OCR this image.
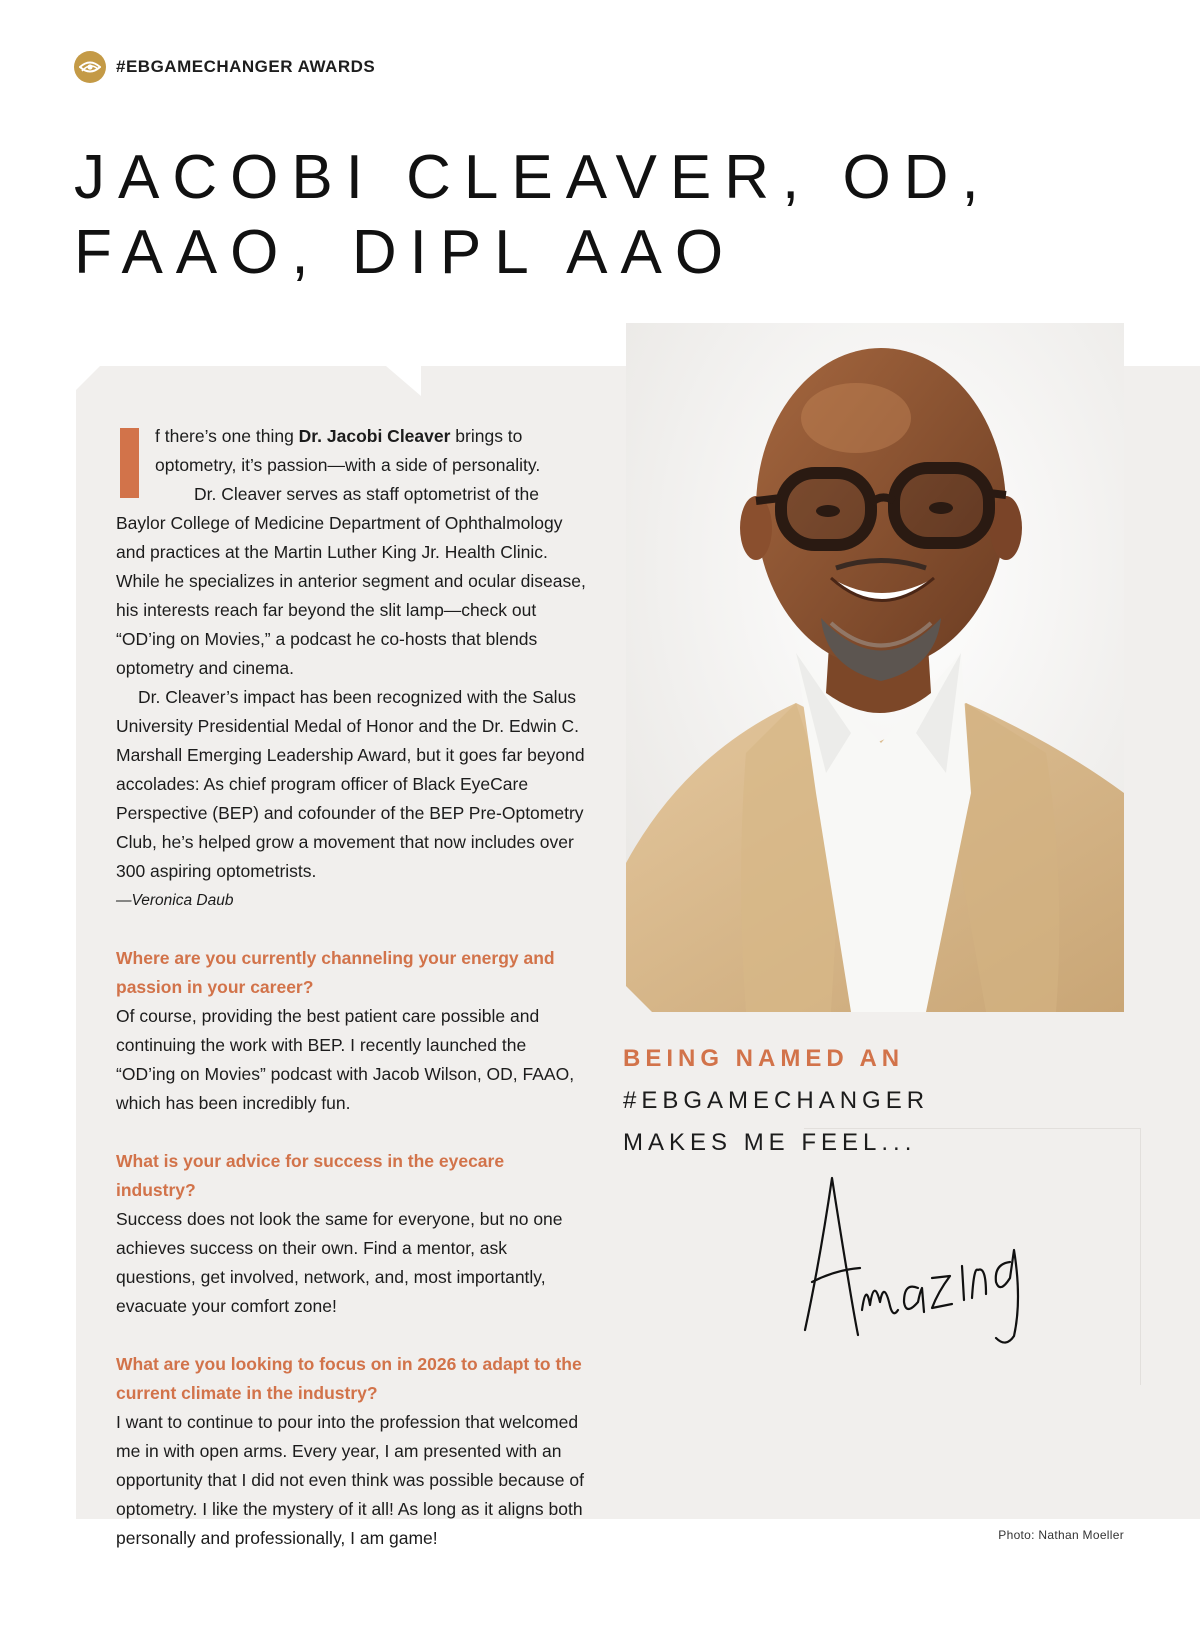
#EBGAMECHANGER AWARDS
JACOBI CLEAVER, OD,
FAAO, DIPL AAO

f there’s one thing Dr. Jacobi Cleaver brings to optometry, it’s passion—with a side of personality.

Dr. Cleaver serves as staff optometrist of the Baylor College of Medicine Department of Ophthalmology and practices at the Martin Luther King Jr. Health Clinic. While he specializes in anterior segment and ocular disease, his interests reach far beyond the slit lamp—check out “OD’ing on Movies,” a podcast he co-hosts that blends optometry and cinema.

Dr. Cleaver’s impact has been recognized with the Salus University Presidential Medal of Honor and the Dr. Edwin C. Marshall Emerging Leadership Award, but it goes far beyond accolades: As chief program officer of Black EyeCare Perspective (BEP) and cofounder of the BEP Pre-Optometry Club, he’s helped grow a movement that now includes over 300 aspiring optometrists.

—Veronica Daub

Where are you currently channeling your energy and passion in your career?

Of course, providing the best patient care possible and continuing the work with BEP. I recently launched the “OD’ing on Movies” podcast with Jacob Wilson, OD, FAAO, which has been incredibly fun.

What is your advice for success in the eyecare industry?

Success does not look the same for everyone, but no one achieves success on their own. Find a mentor, ask questions, get involved, network, and, most importantly, evacuate your comfort zone!

What are you looking to focus on in 2026 to adapt to the current climate in the industry?

I want to continue to pour into the profession that welcomed me in with open arms. Every year, I am presented with an opportunity that I did not even think was possible because of optometry. I like the mystery of it all! As long as it aligns both personally and professionally, I am game!

BEING NAMED AN
#EBGAMECHANGER
MAKES ME FEEL...
Photo: Nathan Moeller
